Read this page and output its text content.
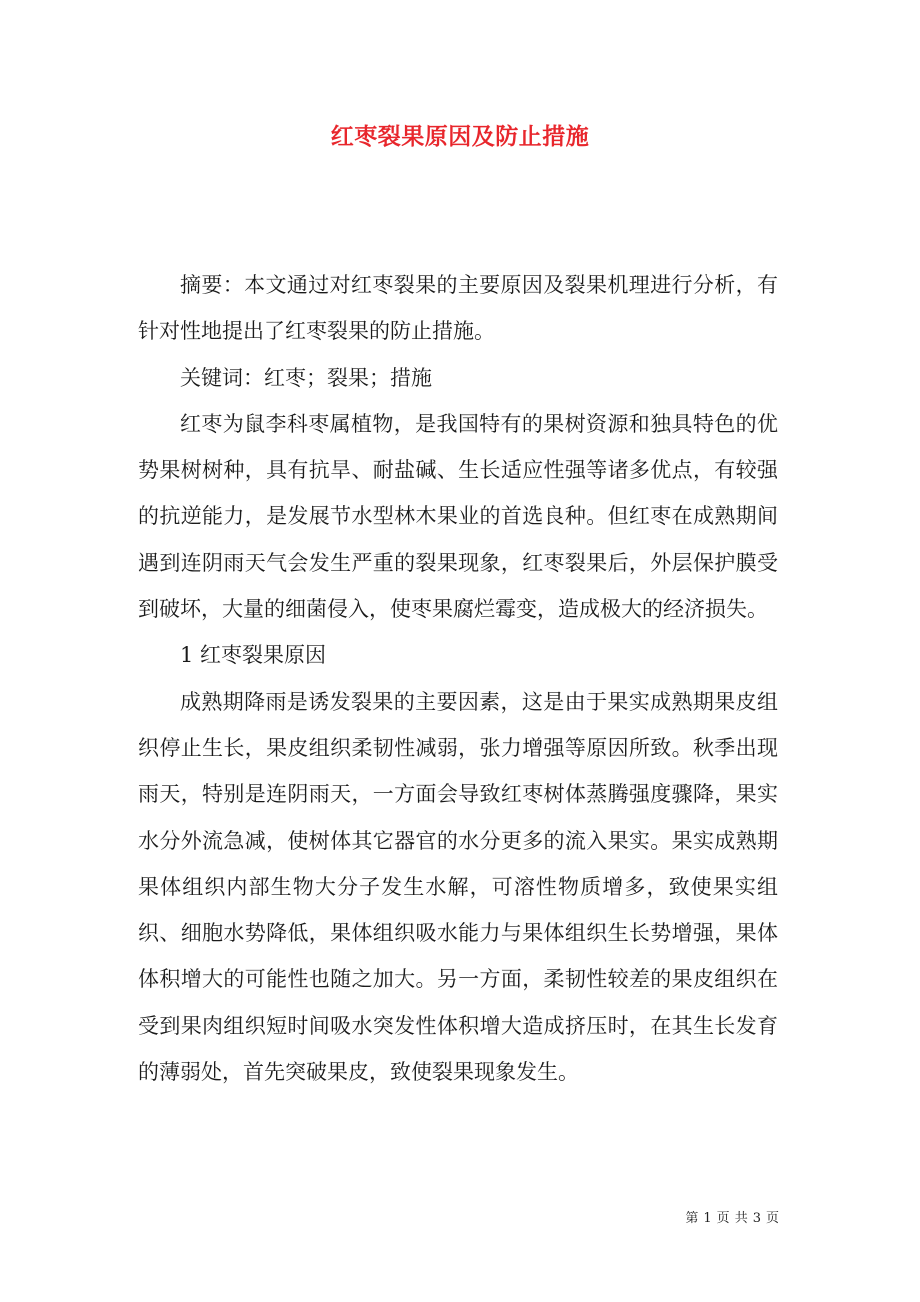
红枣裂果原因及防止措施

摘要：本文通过对红枣裂果的主要原因及裂果机理进行分析，有针对性地提出了红枣裂果的防止措施。

关键词：红枣；裂果；措施

红枣为鼠李科枣属植物，是我国特有的果树资源和独具特色的优势果树树种，具有抗旱、耐盐碱、生长适应性强等诸多优点，有较强的抗逆能力，是发展节水型林木果业的首选良种。但红枣在成熟期间遇到连阴雨天气会发生严重的裂果现象，红枣裂果后，外层保护膜受到破坏，大量的细菌侵入，使枣果腐烂霉变，造成极大的经济损失。

1 红枣裂果原因

成熟期降雨是诱发裂果的主要因素，这是由于果实成熟期果皮组织停止生长，果皮组织柔韧性减弱，张力增强等原因所致。秋季出现雨天，特别是连阴雨天，一方面会导致红枣树体蒸腾强度骤降，果实水分外流急减，使树体其它器官的水分更多的流入果实。果实成熟期果体组织内部生物大分子发生水解，可溶性物质增多，致使果实组织、细胞水势降低，果体组织吸水能力与果体组织生长势增强，果体体积增大的可能性也随之加大。另一方面，柔韧性较差的果皮组织在受到果肉组织短时间吸水突发性体积增大造成挤压时，在其生长发育的薄弱处，首先突破果皮，致使裂果现象发生。

第 1 页 共 3 页
